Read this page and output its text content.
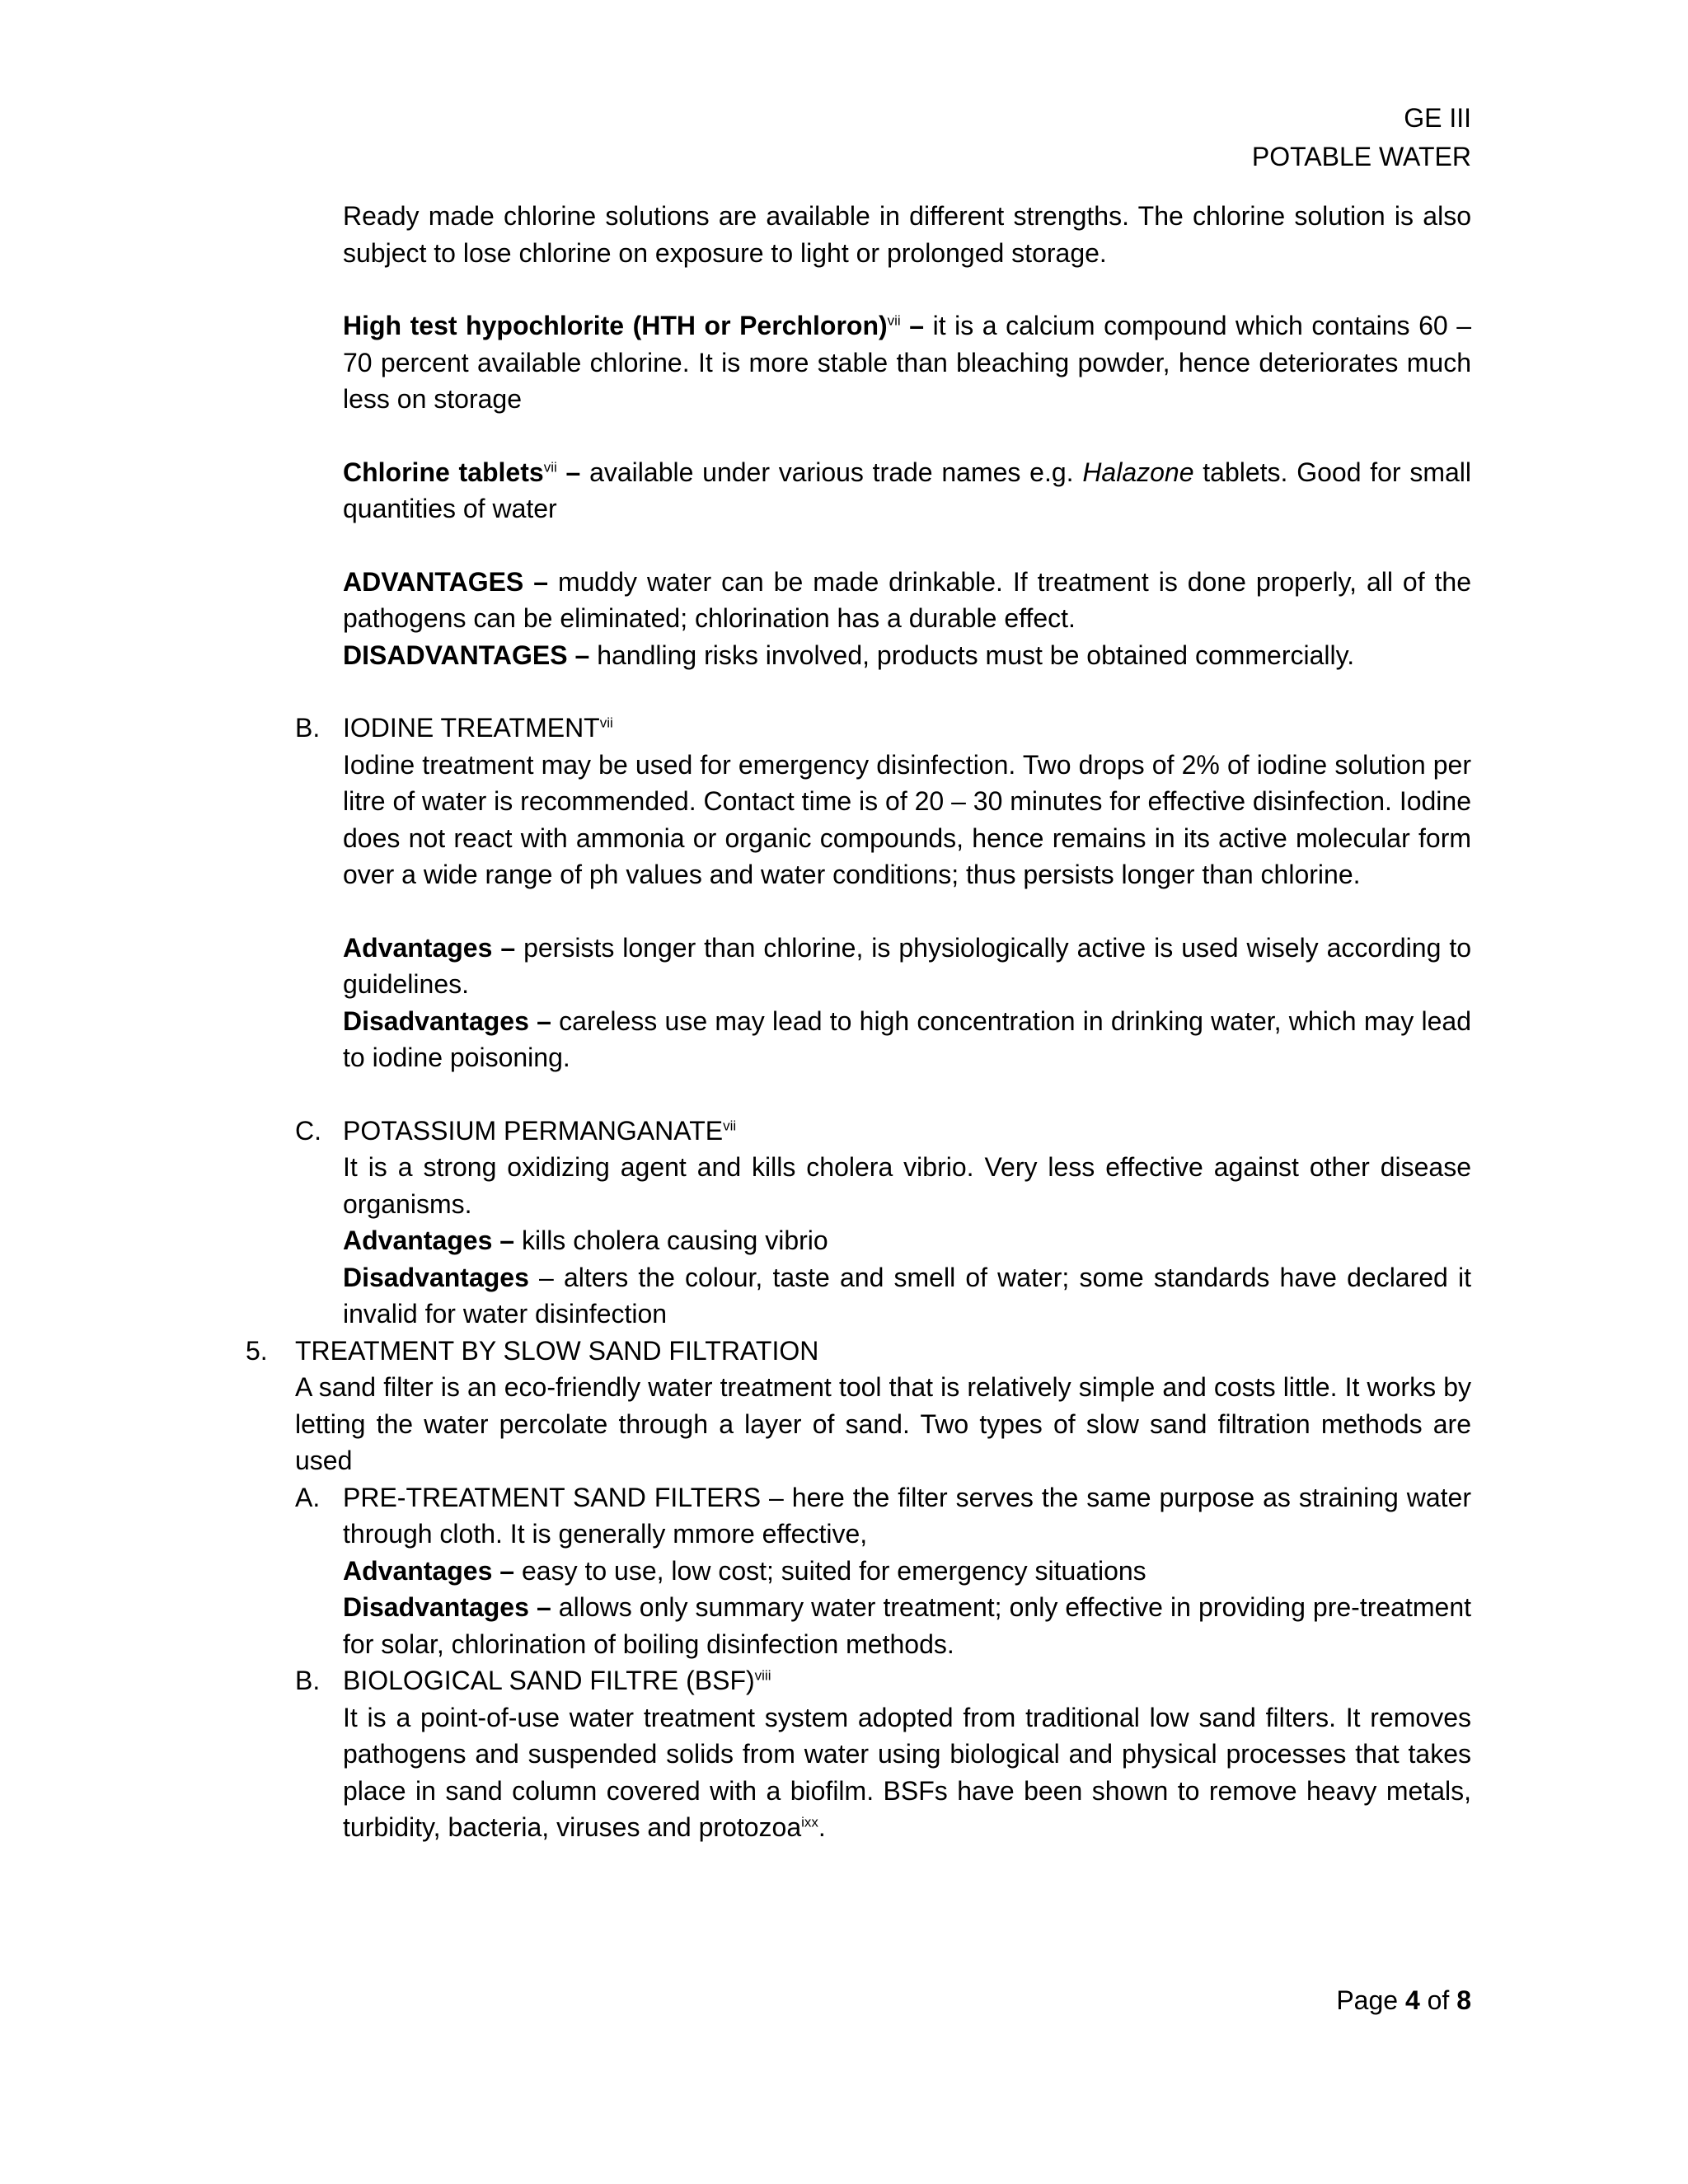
GE III
POTABLE WATER

Ready made chlorine solutions are available in different strengths. The chlorine solution is also subject to lose chlorine on exposure to light or prolonged storage.

High test hypochlorite (HTH or Perchloron)$^{vii}$ – it is a calcium compound which contains 60 – 70 percent available chlorine. It is more stable than bleaching powder, hence deteriorates much less on storage

Chlorine tablets$^{vii}$ – available under various trade names e.g. Halazone tablets. Good for small quantities of water

ADVANTAGES – muddy water can be made drinkable. If treatment is done properly, all of the pathogens can be eliminated; chlorination has a durable effect.

DISADVANTAGES – handling risks involved, products must be obtained commercially.

B. IODINE TREATMENT$^{vii}$

Iodine treatment may be used for emergency disinfection. Two drops of 2% of iodine solution per litre of water is recommended. Contact time is of 20 – 30 minutes for effective disinfection. Iodine does not react with ammonia or organic compounds, hence remains in its active molecular form over a wide range of ph values and water conditions; thus persists longer than chlorine.

Advantages – persists longer than chlorine, is physiologically active is used wisely according to guidelines.

Disadvantages – careless use may lead to high concentration in drinking water, which may lead to iodine poisoning.

C. POTASSIUM PERMANGANATE$^{vii}$

It is a strong oxidizing agent and kills cholera vibrio. Very less effective against other disease organisms.

Advantages – kills cholera causing vibrio

Disadvantages – alters the colour, taste and smell of water; some standards have declared it invalid for water disinfection

5. TREATMENT BY SLOW SAND FILTRATION

A sand filter is an eco-friendly water treatment tool that is relatively simple and costs little. It works by letting the water percolate through a layer of sand. Two types of slow sand filtration methods are used

A. PRE-TREATMENT SAND FILTERS – here the filter serves the same purpose as straining water through cloth. It is generally mmore effective,

Advantages – easy to use, low cost; suited for emergency situations

Disadvantages – allows only summary water treatment; only effective in providing pre-treatment for solar, chlorination of boiling disinfection methods.

B. BIOLOGICAL SAND FILTRE (BSF)$^{viii}$

It is a point-of-use water treatment system adopted from traditional low sand filters. It removes pathogens and suspended solids from water using biological and physical processes that takes place in sand column covered with a biofilm. BSFs have been shown to remove heavy metals, turbidity, bacteria, viruses and protozoa$^{ixx}$.

Page 4 of 8
